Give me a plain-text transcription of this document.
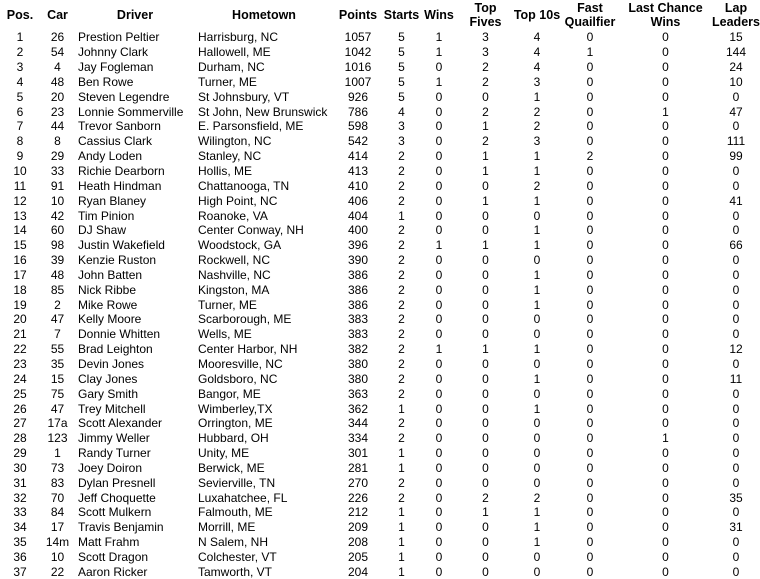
Pos.	Car	Driver	Hometown	Points	Starts	Wins	Top Fives	Top 10s	Fast Quailfier	Last Chance Wins	Lap Leaders
1	26	Prestion Peltier	Harrisburg, NC	1057	5	1	3	4	0	0	15
2	54	Johnny Clark	Hallowell, ME	1042	5	1	3	4	1	0	144
3	4	Jay Fogleman	Durham, NC	1016	5	0	2	4	0	0	24
4	48	Ben Rowe	Turner, ME	1007	5	1	2	3	0	0	10
5	20	Steven Legendre	St Johnsbury, VT	926	5	0	0	1	0	0	0
6	23	Lonnie Sommerville	St John, New Brunswick	786	4	0	2	2	0	1	47
7	44	Trevor Sanborn	E. Parsonsfield, ME	598	3	0	1	2	0	0	0
8	8	Cassius Clark	Wilington, NC	542	3	0	2	3	0	0	111
9	29	Andy Loden	Stanley, NC	414	2	0	1	1	2	0	99
10	33	Richie Dearborn	Hollis, ME	413	2	0	1	1	0	0	0
11	91	Heath Hindman	Chattanooga, TN	410	2	0	0	2	0	0	0
12	10	Ryan Blaney	High Point, NC	406	2	0	1	1	0	0	41
13	42	Tim Pinion	Roanoke, VA	404	1	0	0	0	0	0	0
14	60	DJ Shaw	Center Conway, NH	400	2	0	0	1	0	0	0
15	98	Justin Wakefield	Woodstock, GA	396	2	1	1	1	0	0	66
16	39	Kenzie Ruston	Rockwell, NC	390	2	0	0	0	0	0	0
17	48	John Batten	Nashville, NC	386	2	0	0	1	0	0	0
18	85	Nick Ribbe	Kingston, MA	386	2	0	0	1	0	0	0
19	2	Mike Rowe	Turner, ME	386	2	0	0	1	0	0	0
20	47	Kelly Moore	Scarborough, ME	383	2	0	0	0	0	0	0
21	7	Donnie Whitten	Wells, ME	383	2	0	0	0	0	0	0
22	55	Brad Leighton	Center Harbor, NH	382	2	1	1	1	0	0	12
23	35	Devin Jones	Mooresville, NC	380	2	0	0	0	0	0	0
24	15	Clay Jones	Goldsboro, NC	380	2	0	0	1	0	0	11
25	75	Gary Smith	Bangor, ME	363	2	0	0	0	0	0	0
26	47	Trey Mitchell	Wimberley,TX	362	1	0	0	1	0	0	0
27	17a	Scott Alexander	Orrington, ME	344	2	0	0	0	0	0	0
28	123	Jimmy Weller	Hubbard, OH	334	2	0	0	0	0	1	0
29	1	Randy Turner	Unity, ME	301	1	0	0	0	0	0	0
30	73	Joey Doiron	Berwick, ME	281	1	0	0	0	0	0	0
31	83	Dylan Presnell	Sevierville, TN	270	2	0	0	0	0	0	0
32	70	Jeff Choquette	Luxahatchee, FL	226	2	0	2	2	0	0	35
33	84	Scott Mulkern	Falmouth, ME	212	1	0	1	1	0	0	0
34	17	Travis Benjamin	Morrill, ME	209	1	0	0	1	0	0	31
35	14m	Matt Frahm	N Salem, NH	208	1	0	0	1	0	0	0
36	10	Scott Dragon	Colchester, VT	205	1	0	0	0	0	0	0
37	22	Aaron Ricker	Tamworth, VT	204	1	0	0	0	0	0	0
